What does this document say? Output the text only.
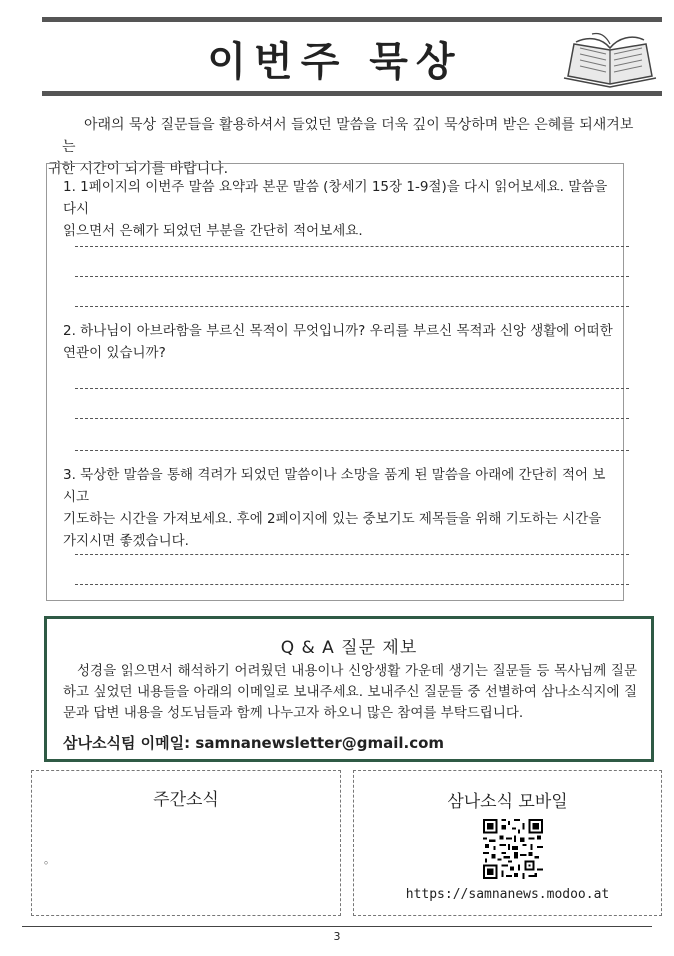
이번주 묵상
아래의 묵상 질문들을 활용하셔서 들었던 말씀을 더욱 깊이 묵상하며 받은 은혜를 되새겨보는
귀한 시간이 되기를 바랍니다.
1. 1페이지의 이번주 말씀 요약과 본문 말씀 (창세기 15장 1-9절)을 다시 읽어보세요. 말씀을 다시
읽으면서 은혜가 되었던 부분을 간단히 적어보세요.
2. 하나님이 아브라함을 부르신 목적이 무엇입니까? 우리를 부르신 목적과 신앙 생활에 어떠한
연관이 있습니까?
3. 묵상한 말씀을 통해 격려가 되었던 말씀이나 소망을 품게 된 말씀을 아래에 간단히 적어 보시고
기도하는 시간을 가져보세요. 후에 2페이지에 있는 중보기도 제목들을 위해 기도하는 시간을
가지시면 좋겠습니다.
Q & A 질문 제보
성경을 읽으면서 해석하기 어려웠던 내용이나 신앙생활 가운데 생기는 질문들 등 목사님께 질문하고 싶었던 내용들을 아래의 이메일로 보내주세요. 보내주신 질문들 중 선별하여 삼나소식지에 질문과 답변 내용을 성도님들과 함께 나누고자 하오니 많은 참여를 부탁드립니다.
삼나소식팀 이메일: samnanewsletter@gmail.com
주간소식
。
삼나소식 모바일
https://samnanews.modoo.at
3
